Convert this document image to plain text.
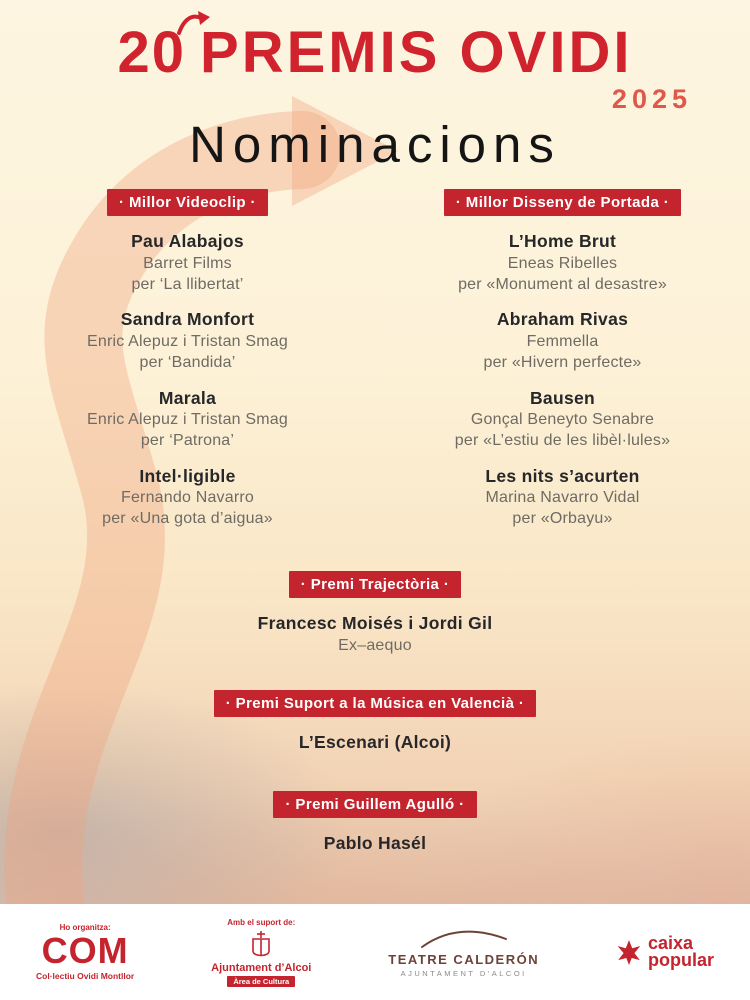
20 PREMIS OVIDI
2025
Nominacions
· Millor Videoclip ·
Pau Alabajos
Barret Films
per ‘La llibertat’
Sandra Monfort
Enric Alepuz i Tristan Smag
per ‘Bandida’
Marala
Enric Alepuz i Tristan Smag
per ‘Patrona’
Intel·ligible
Fernando Navarro
per «Una gota d’aigua»
· Millor Disseny de Portada ·
L’Home Brut
Eneas Ribelles
per «Monument al desastre»
Abraham Rivas
Femmella
per «Hivern perfecte»
Bausen
Gonçal Beneyto Senabre
per «L’estiu de les libèl·lules»
Les nits s’acurten
Marina Navarro Vidal
per «Orbayu»
· Premi Trajectòria ·
Francesc Moisés i Jordi Gil
Ex–aequo
· Premi Suport a la Música en Valencià ·
L’Escenari (Alcoi)
· Premi Guillem Agulló ·
Pablo Hasél
Ho organitza:
COM
Col·lectiu Ovidi Montllor
Amb el suport de:
Ajuntament d’Alcoi
Àrea de Cultura
TEATRE CALDERÓN
AJUNTAMENT D'ALCOI
caixa
popular
